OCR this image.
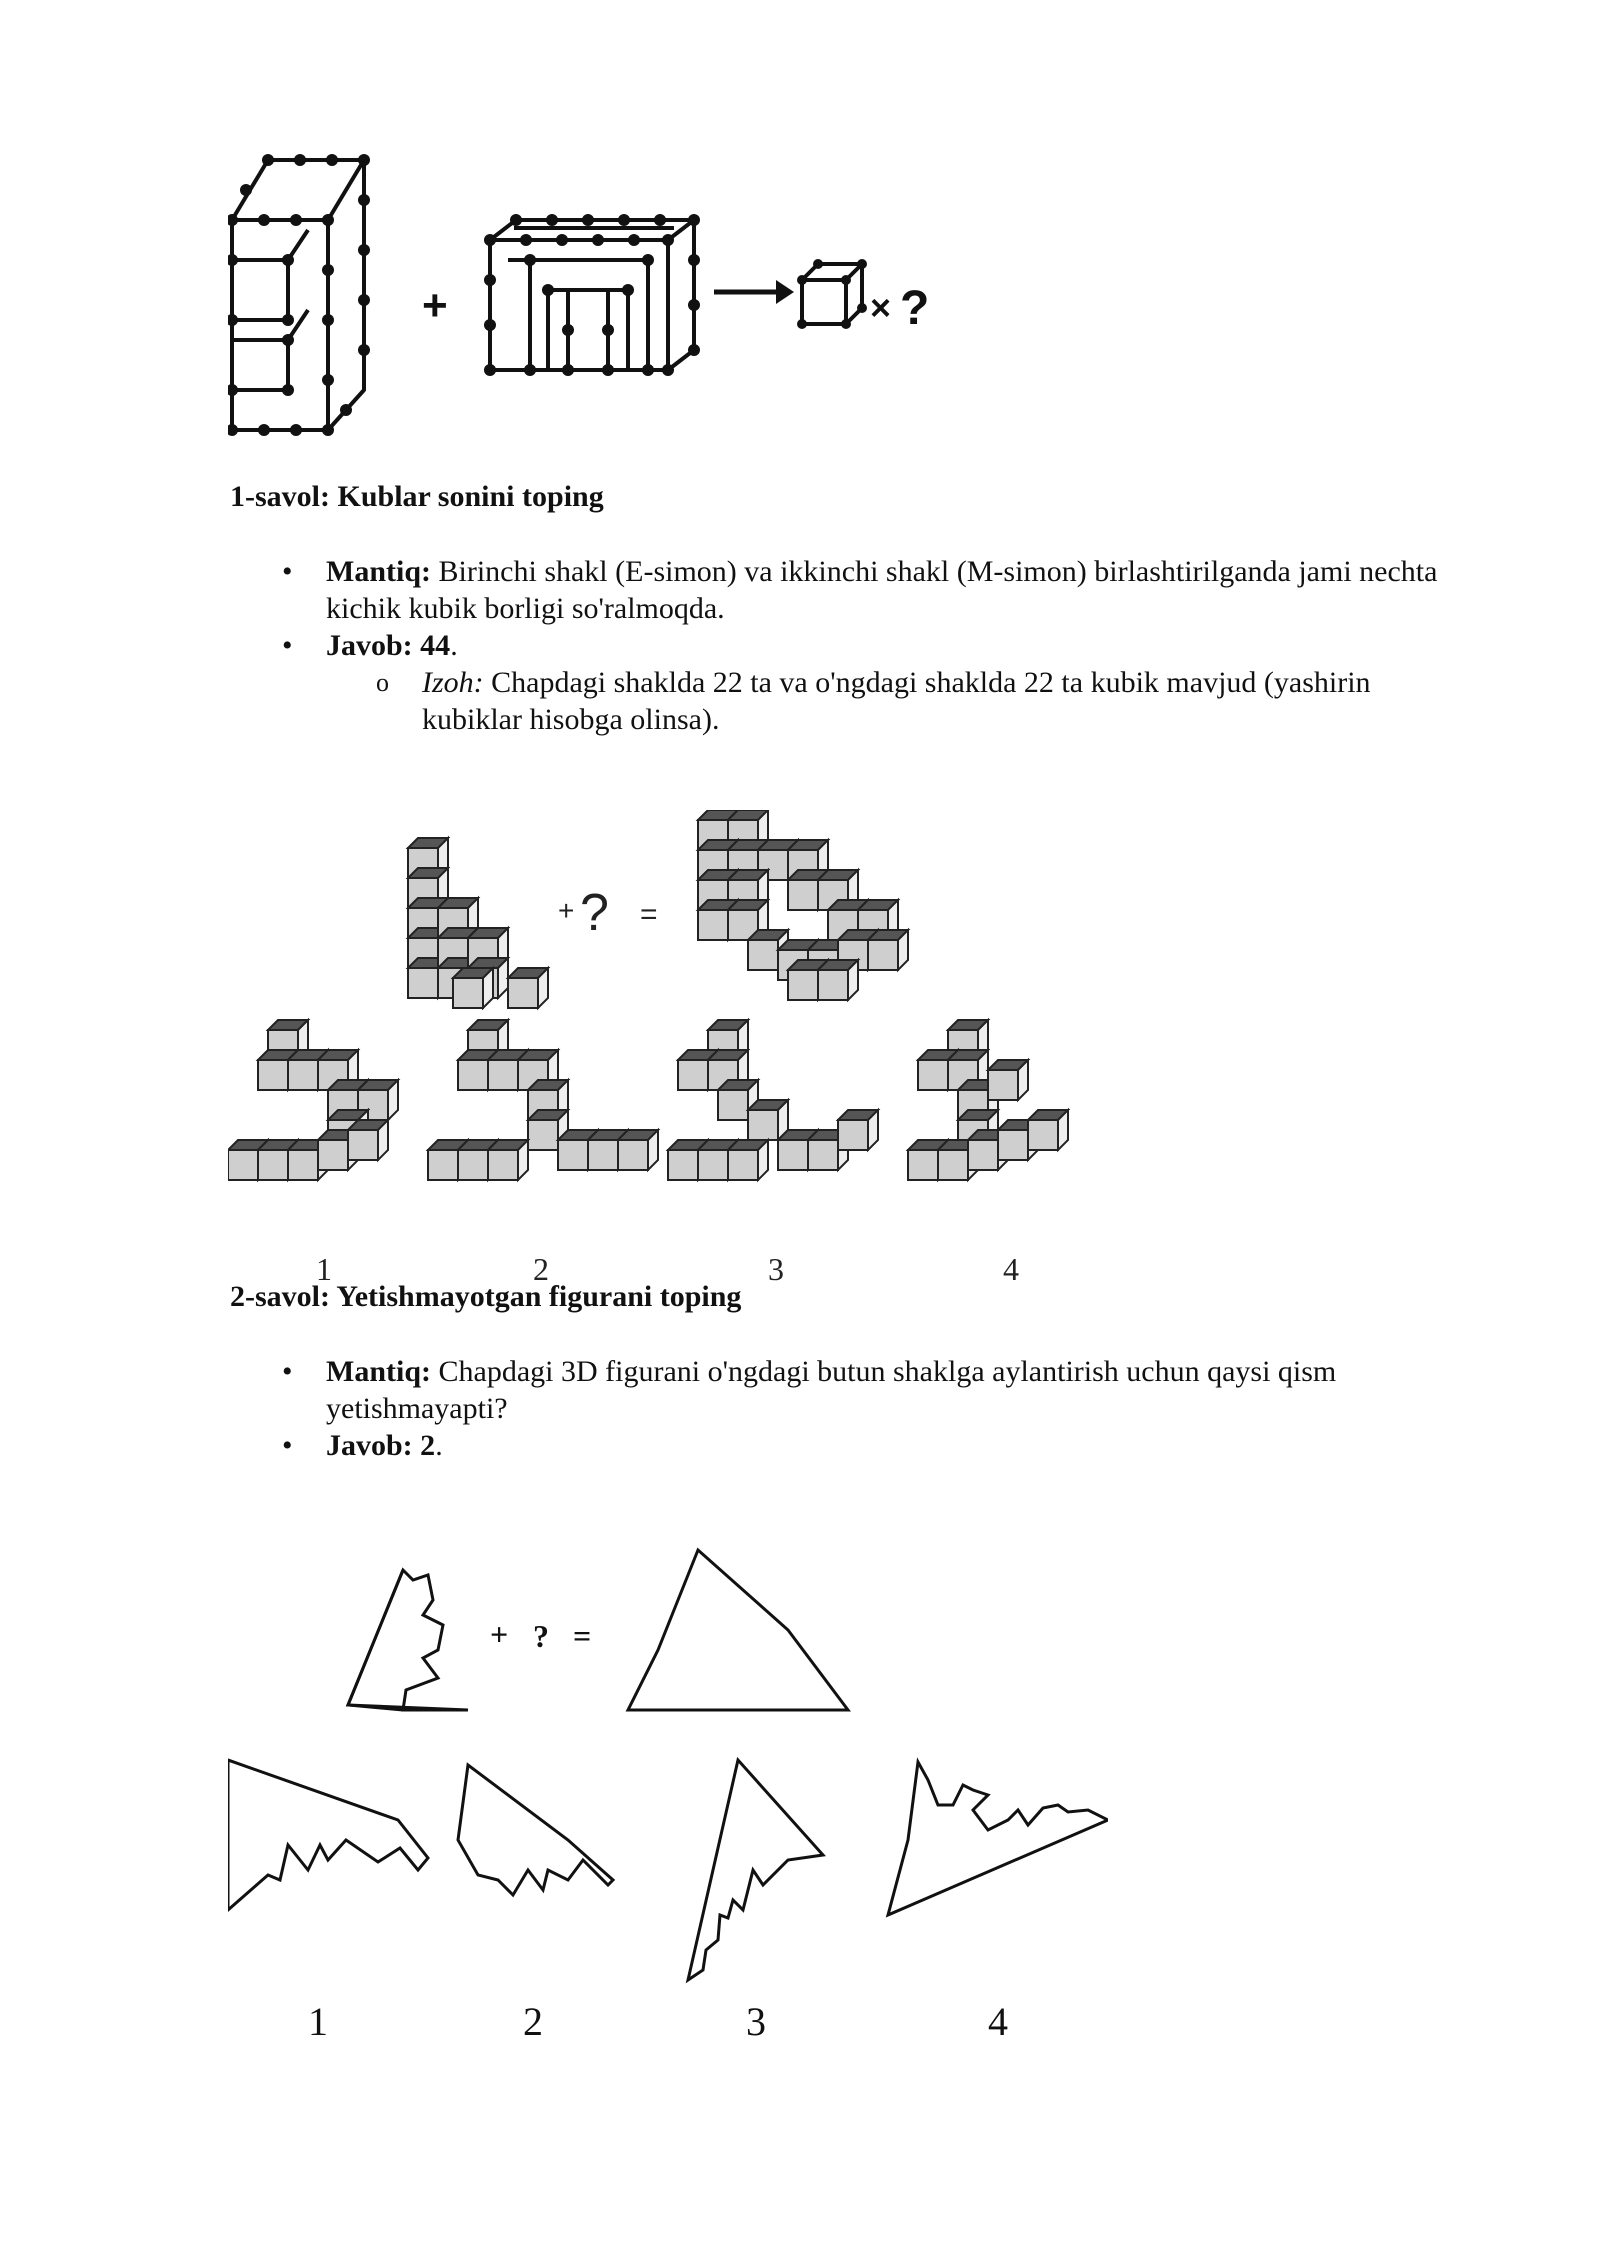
+	× ?
1-savol: Kublar sonini toping
• Mantiq: Birinchi shakl (E-simon) va ikkinchi shakl (M-simon) birlashtirilganda jami nechta kichik kubik borligi so'ralmoqda.
• Javob: 44.
o Izoh: Chapdagi shaklda 22 ta va o'ngdagi shaklda 22 ta kubik mavjud (yashirin kubiklar hisobga olinsa).
+ ? =
1	2	3	4
2-savol: Yetishmayotgan figurani toping
• Mantiq: Chapdagi 3D figurani o'ngdagi butun shaklga aylantirish uchun qaysi qism yetishmayapti?
• Javob: 2.
+ ? =
1	2	3	4
